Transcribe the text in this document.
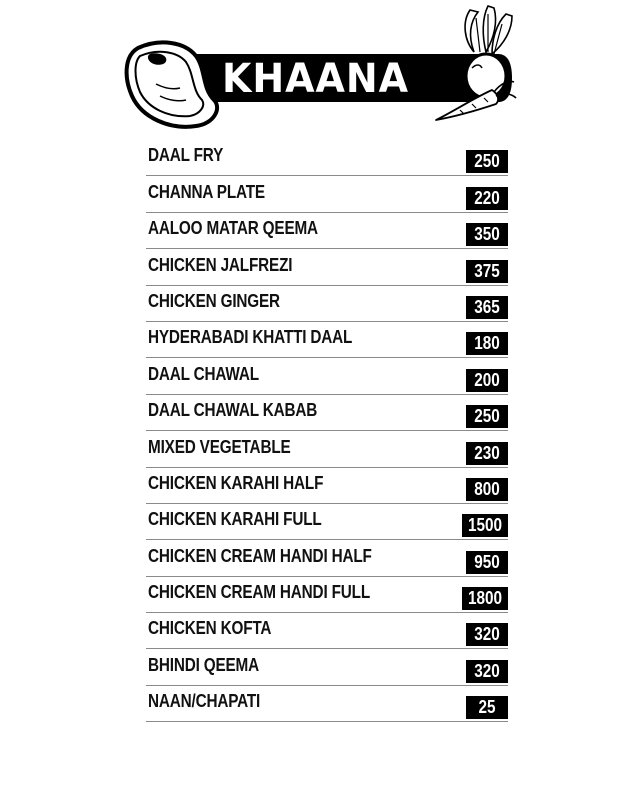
KHAANA
DAAL FRY	250
CHANNA PLATE	220
AALOO MATAR QEEMA	350
CHICKEN JALFREZI	375
CHICKEN GINGER	365
HYDERABADI KHATTI DAAL	180
DAAL CHAWAL	200
DAAL CHAWAL KABAB	250
MIXED VEGETABLE	230
CHICKEN KARAHI HALF	800
CHICKEN KARAHI FULL	1500
CHICKEN CREAM HANDI HALF	950
CHICKEN CREAM HANDI FULL	1800
CHICKEN KOFTA	320
BHINDI QEEMA	320
NAAN/CHAPATI	25
